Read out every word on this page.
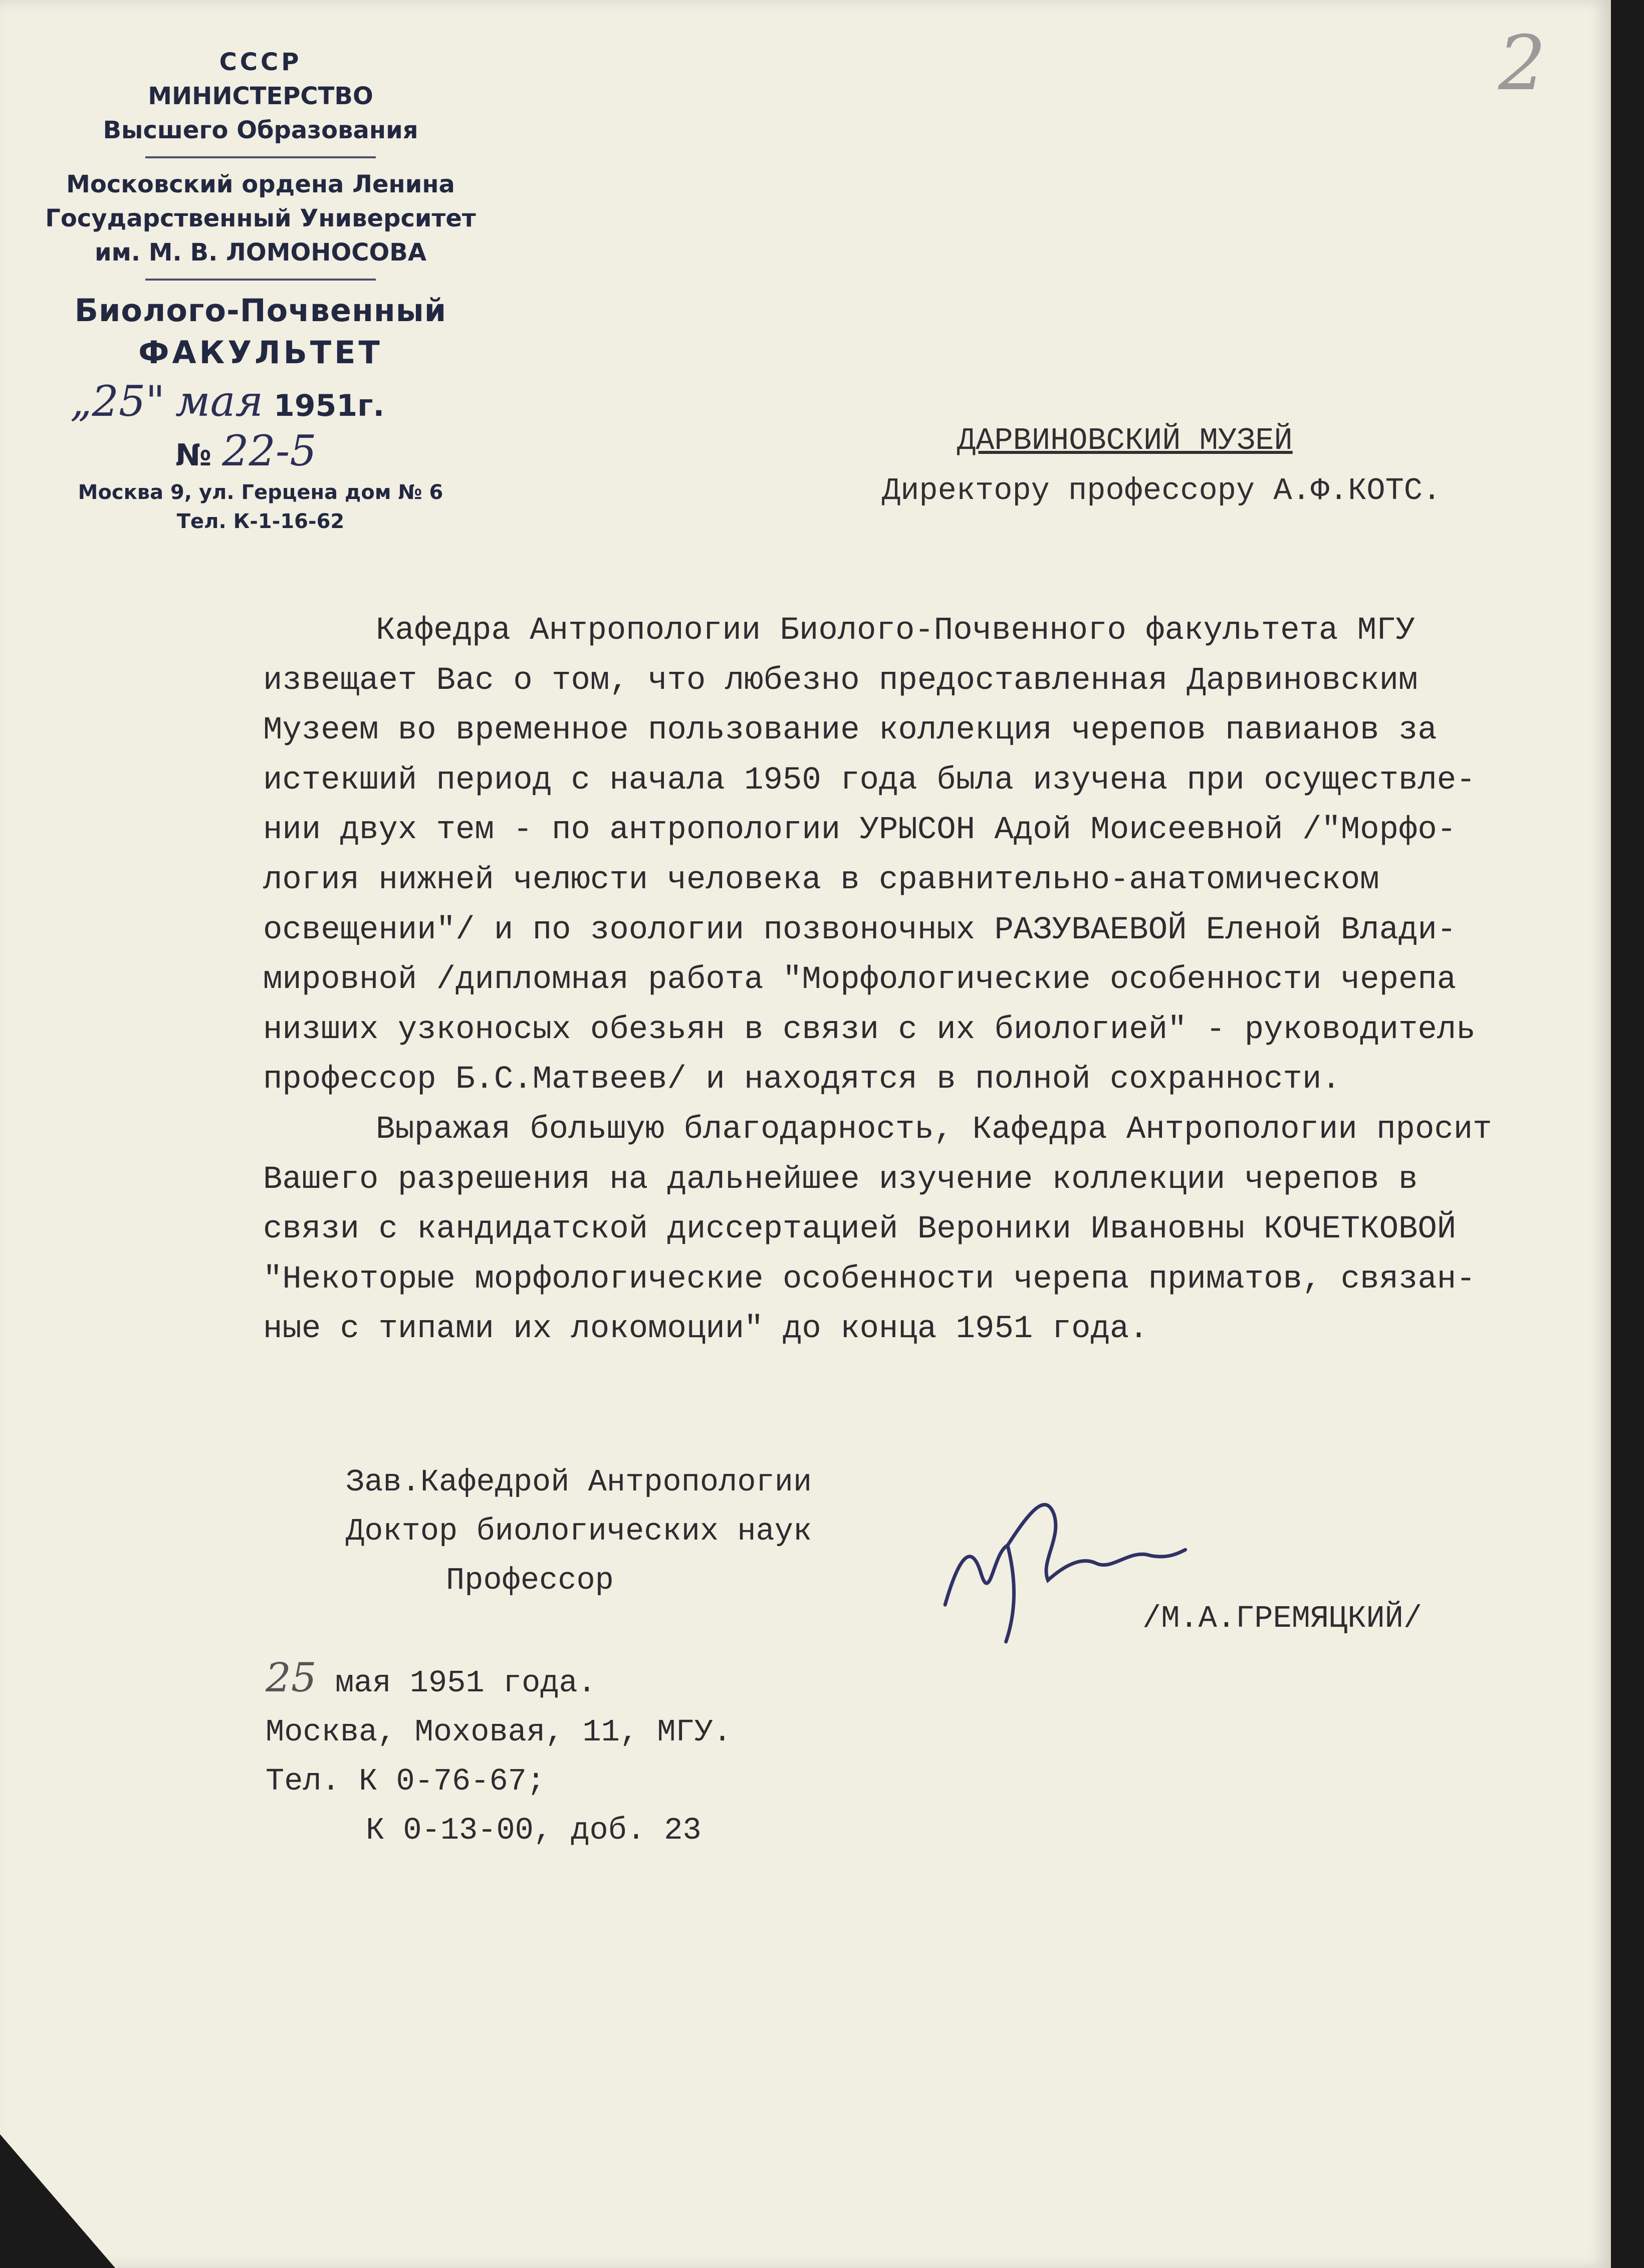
2
СССР
МИНИСТЕРСТВО
Высшего Образования
Московский ордена Ленина
Государственный Университет
им. М. В. ЛОМОНОСОВА
Биолого-Почвенный
ФАКУЛЬТЕТ
„25" мая 1951г.
№ 22-5
Москва 9, ул. Герцена дом № 6
Тел. К-1-16-62
ДАРВИНОВСКИЙ МУЗЕЙ
Директору профессору А.Ф.КОТС.
Кафедра Антропологии Биолого-Почвенного факультета МГУ
извещает Вас о том, что любезно предоставленная Дарвиновским
Музеем во временное пользование коллекция черепов павианов за
истекший период с начала 1950 года была изучена при осуществле-
нии двух тем - по антропологии УРЫСОН Адой Моисеевной /"Морфо-
логия нижней челюсти человека в сравнительно-анатомическом
освещении"/ и по зоологии позвоночных РАЗУВАЕВОЙ Еленой Влади-
мировной /дипломная работа "Морфологические особенности черепа
низших узконосых обезьян в связи с их биологией" - руководитель
профессор Б.С.Матвеев/ и находятся в полной сохранности.
Выражая большую благодарность, Кафедра Антропологии просит
Вашего разрешения на дальнейшее изучение коллекции черепов в
связи с кандидатской диссертацией Вероники Ивановны КОЧЕТКОВОЙ
"Некоторые морфологические особенности черепа приматов, связан-
ные с типами их локомоции" до конца 1951 года.
Зав.Кафедрой Антропологии
Доктор биологических наук
Профессор
/М.А.ГРЕМЯЦКИЙ/
25 мая 1951 года.
Москва, Моховая, 11, МГУ.
Тел. К 0-76-67;
К 0-13-00, доб. 23
